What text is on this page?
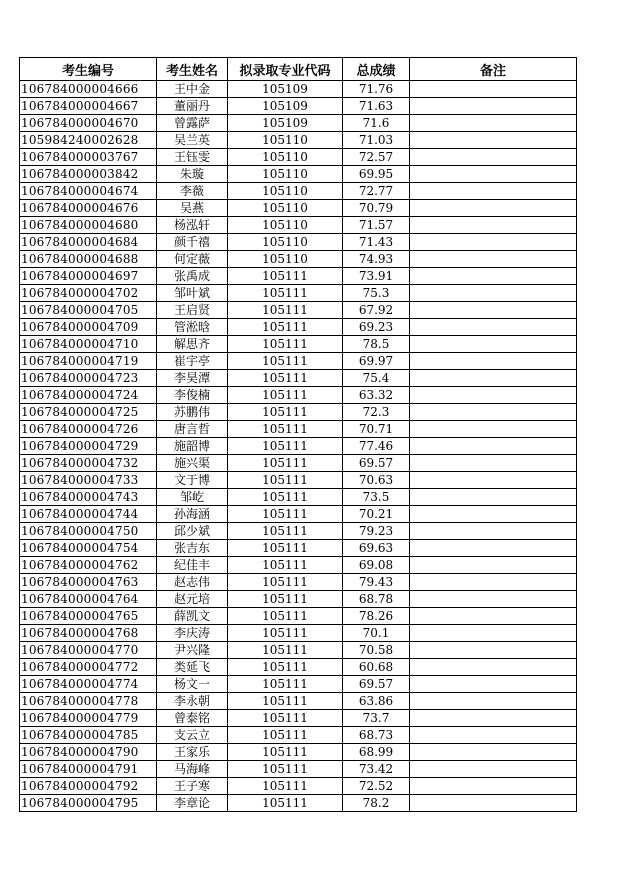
考生编号	考生姓名	拟录取专业代码	总成绩	备注
106784000004666	王中金	105109	71.76	
106784000004667	董丽丹	105109	71.63	
106784000004670	曾露萨	105109	71.6	
105984240002628	吴兰英	105110	71.03	
106784000003767	王钰雯	105110	72.57	
106784000003842	朱璇	105110	69.95	
106784000004674	李薇	105110	72.77	
106784000004676	吴燕	105110	70.79	
106784000004680	杨泓轩	105110	71.57	
106784000004684	颜千禧	105110	71.43	
106784000004688	何定薇	105110	74.93	
106784000004697	张禹成	105111	73.91	
106784000004702	邹叶斌	105111	75.3	
106784000004705	王启贤	105111	67.92	
106784000004709	管淞晗	105111	69.23	
106784000004710	解思齐	105111	78.5	
106784000004719	崔宇亭	105111	69.97	
106784000004723	李昊潭	105111	75.4	
106784000004724	李俊楠	105111	63.32	
106784000004725	苏鹏伟	105111	72.3	
106784000004726	唐言哲	105111	70.71	
106784000004729	施韶博	105111	77.46	
106784000004732	施兴渠	105111	69.57	
106784000004733	文于博	105111	70.63	
106784000004743	邹屹	105111	73.5	
106784000004744	孙海涵	105111	70.21	
106784000004750	邱少斌	105111	79.23	
106784000004754	张吉东	105111	69.63	
106784000004762	纪佳丰	105111	69.08	
106784000004763	赵志伟	105111	79.43	
106784000004764	赵元培	105111	68.78	
106784000004765	薛凯文	105111	78.26	
106784000004768	李庆涛	105111	70.1	
106784000004770	尹兴隆	105111	70.58	
106784000004772	类延飞	105111	60.68	
106784000004774	杨文一	105111	69.57	
106784000004778	李永朝	105111	63.86	
106784000004779	曾泰铭	105111	73.7	
106784000004785	支云立	105111	68.73	
106784000004790	王家乐	105111	68.99	
106784000004791	马海峰	105111	73.42	
106784000004792	王子寒	105111	72.52	
106784000004795	李章论	105111	78.2	
